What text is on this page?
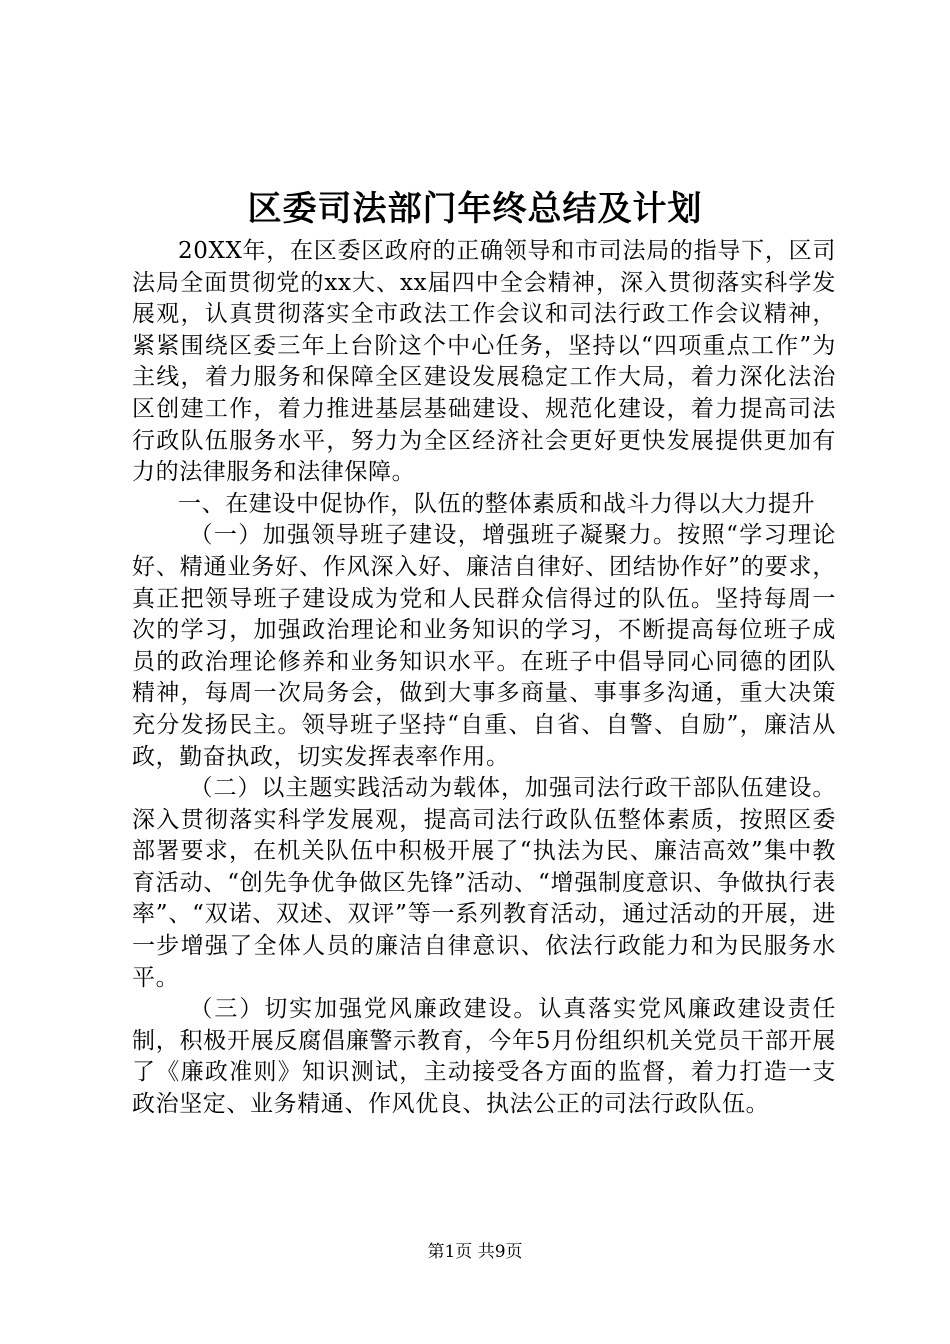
区委司法部门年终总结及计划

20XX年，在区委区政府的正确领导和市司法局的指导下，区司法局全面贯彻党的xx大、xx届四中全会精神，深入贯彻落实科学发展观，认真贯彻落实全市政法工作会议和司法行政工作会议精神，紧紧围绕区委三年上台阶这个中心任务，坚持以“四项重点工作”为主线，着力服务和保障全区建设发展稳定工作大局，着力深化法治区创建工作，着力推进基层基础建设、规范化建设，着力提高司法行政队伍服务水平，努力为全区经济社会更好更快发展提供更加有力的法律服务和法律保障。

一、在建设中促协作，队伍的整体素质和战斗力得以大力提升

（一）加强领导班子建设，增强班子凝聚力。按照“学习理论好、精通业务好、作风深入好、廉洁自律好、团结协作好”的要求，真正把领导班子建设成为党和人民群众信得过的队伍。坚持每周一次的学习，加强政治理论和业务知识的学习，不断提高每位班子成员的政治理论修养和业务知识水平。在班子中倡导同心同德的团队精神，每周一次局务会，做到大事多商量、事事多沟通，重大决策充分发扬民主。领导班子坚持“自重、自省、自警、自励”，廉洁从政，勤奋执政，切实发挥表率作用。

（二）以主题实践活动为载体，加强司法行政干部队伍建设。深入贯彻落实科学发展观，提高司法行政队伍整体素质，按照区委部署要求，在机关队伍中积极开展了“执法为民、廉洁高效”集中教育活动、“创先争优争做区先锋”活动、“增强制度意识、争做执行表率”、“双诺、双述、双评”等一系列教育活动，通过活动的开展，进一步增强了全体人员的廉洁自律意识、依法行政能力和为民服务水平。

（三）切实加强党风廉政建设。认真落实党风廉政建设责任制，积极开展反腐倡廉警示教育，今年5月份组织机关党员干部开展了《廉政准则》知识测试，主动接受各方面的监督，着力打造一支政治坚定、业务精通、作风优良、执法公正的司法行政队伍。

第1页 共9页
